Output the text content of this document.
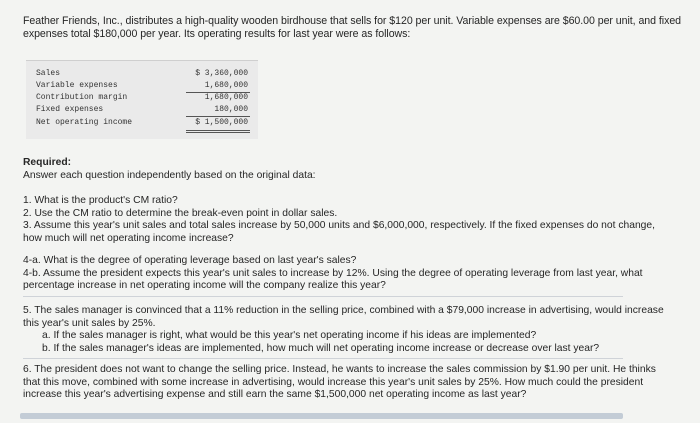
Feather Friends, Inc., distributes a high-quality wooden birdhouse that sells for $120 per unit. Variable expenses are $60.00 per unit, and fixed expenses total $180,000 per year. Its operating results for last year were as follows:
Sales	$ 3,360,000
Variable expenses	1,680,000
Contribution margin	1,680,000
Fixed expenses	180,000
Net operating income	$ 1,500,000

Required:

Answer each question independently based on the original data:

1. What is the product's CM ratio?

2. Use the CM ratio to determine the break-even point in dollar sales.

3. Assume this year's unit sales and total sales increase by 50,000 units and $6,000,000, respectively. If the fixed expenses do not change, how much will net operating income increase?

4-a. What is the degree of operating leverage based on last year's sales?

4-b. Assume the president expects this year's unit sales to increase by 12%. Using the degree of operating leverage from last year, what percentage increase in net operating income will the company realize this year?

5. The sales manager is convinced that a 11% reduction in the selling price, combined with a $79,000 increase in advertising, would increase this year's unit sales by 25%.

a. If the sales manager is right, what would be this year's net operating income if his ideas are implemented?

b. If the sales manager's ideas are implemented, how much will net operating income increase or decrease over last year?

6. The president does not want to change the selling price. Instead, he wants to increase the sales commission by $1.90 per unit. He thinks that this move, combined with some increase in advertising, would increase this year's unit sales by 25%. How much could the president increase this year's advertising expense and still earn the same $1,500,000 net operating income as last year?
